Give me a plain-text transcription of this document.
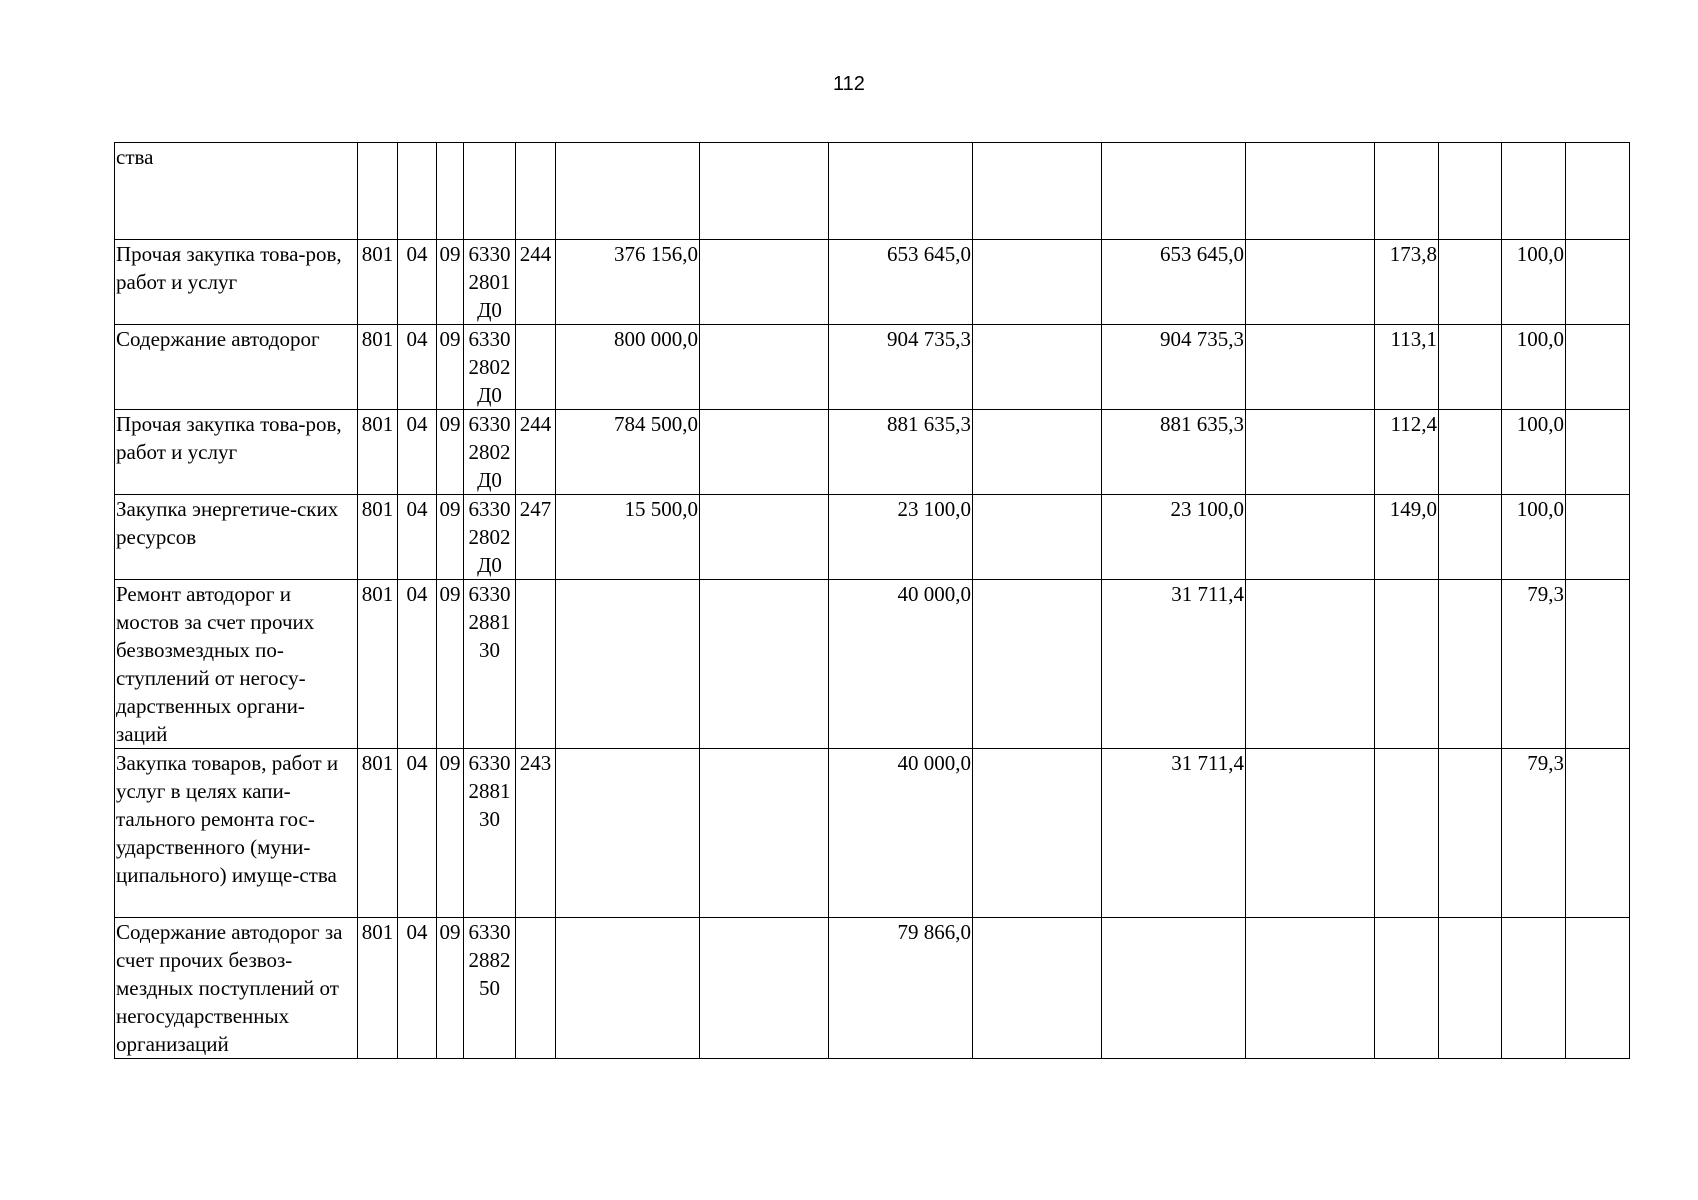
112
ства															
Прочая закупка това-ров, работ и услуг	801	04	09	63302801Д0	244	376 156,0		653 645,0		653 645,0		173,8		100,0	
Содержание автодорог	801	04	09	63302802Д0		800 000,0		904 735,3		904 735,3		113,1		100,0	
Прочая закупка това-ров, работ и услуг	801	04	09	63302802Д0	244	784 500,0		881 635,3		881 635,3		112,4		100,0	
Закупка энергетиче-ских ресурсов	801	04	09	63302802Д0	247	15 500,0		23 100,0		23 100,0		149,0		100,0	
Ремонт автодорог и мостов за счет прочих безвозмездных по-ступлений от негосу-дарственных органи-заций	801	04	09	6330288130				40 000,0		31 711,4				79,3	
Закупка товаров, работ и услуг в целях капи-тального ремонта гос-ударственного (муни-ципального) имуще-ства	801	04	09	6330288130	243			40 000,0		31 711,4				79,3	
Содержание автодорог за счет прочих безвоз-мездных поступлений от негосударственных организаций	801	04	09	6330288250				79 866,0							
